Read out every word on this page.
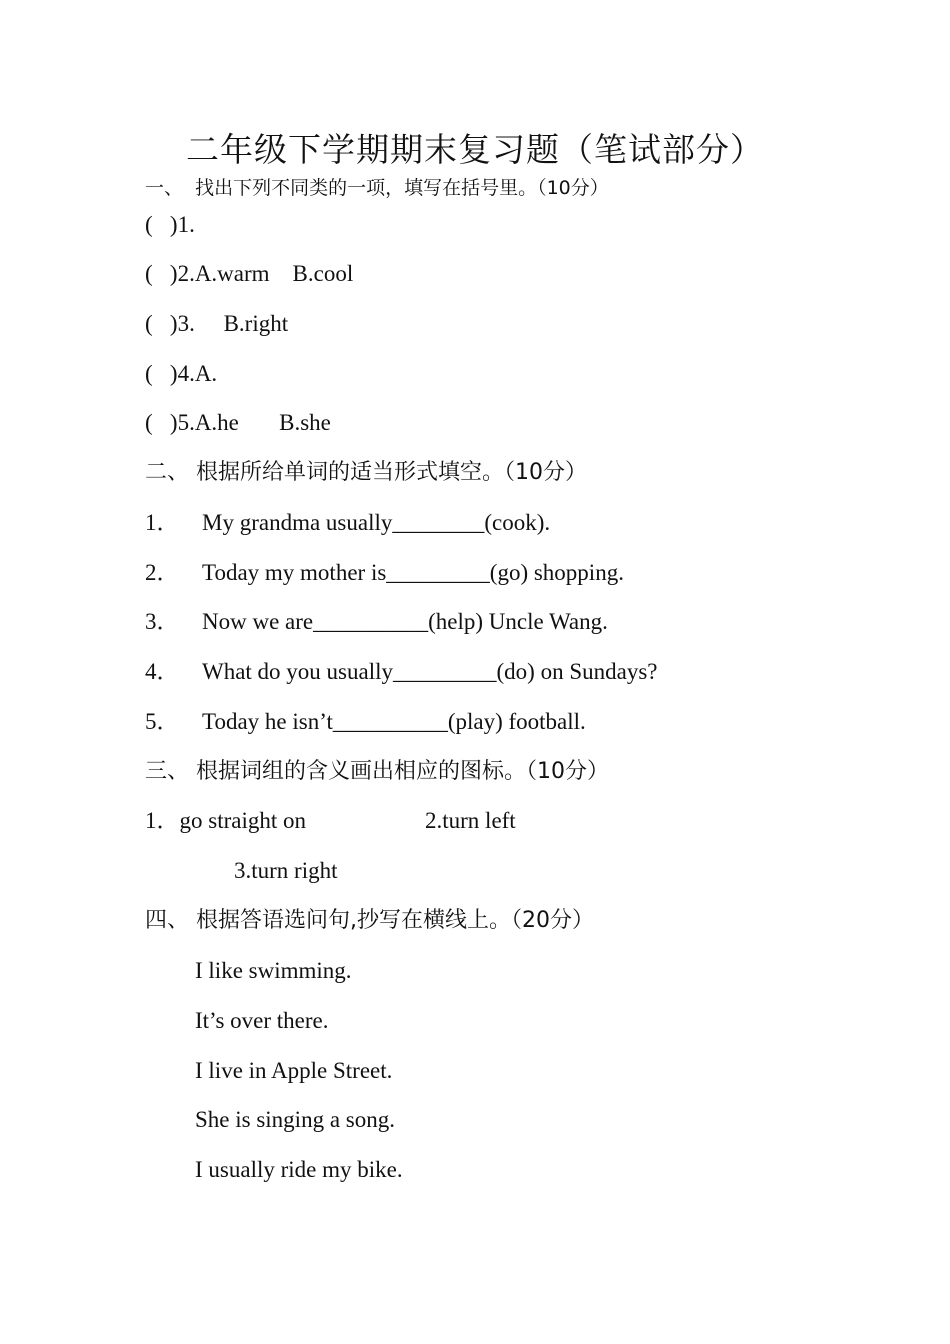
二年级下学期期末复习题（笔试部分）
一、  找出下列不同类的一项，填写在括号里。（10分）
(   )1.
(   )2.A.warm    B.cool
(   )3.     B.right
(   )4.A.
(   )5.A.he       B.she
二、 根据所给单词的适当形式填空。（10分）
1． My grandma usually________(cook).
2． Today my mother is_________(go) shopping.
3． Now we are__________(help) Uncle Wang.
4． What do you usually_________(do) on Sundays?
5． Today he isn’t__________(play) football.
三、 根据词组的含义画出相应的图标。（10分）
1．go straight on	2.turn left
3.turn right
四、 根据答语选问句,抄写在横线上。（20分）
I like swimming.
It’s over there.
I live in Apple Street.
She is singing a song.
I usually ride my bike.
